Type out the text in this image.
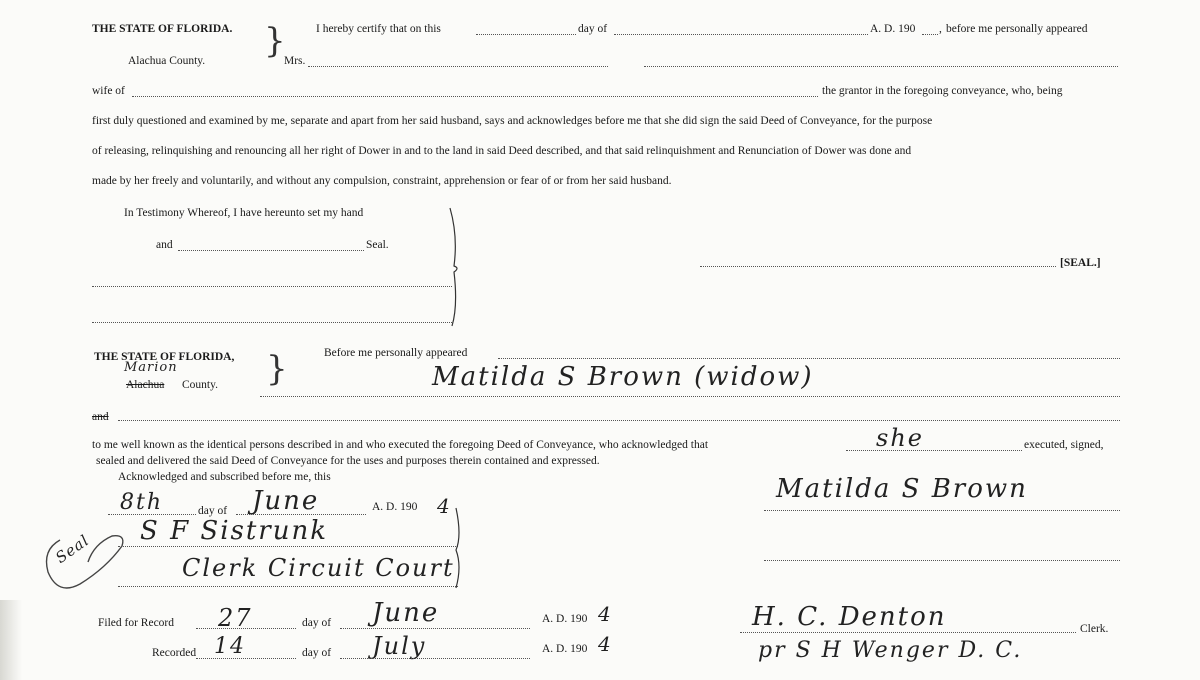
THE STATE OF FLORIDA.
Alachua County. }	I hereby certify that on this	day of	A. D. 190 , before me personally appeared
Mrs.
wife of	the grantor in the foregoing conveyance, who, being
first duly questioned and examined by me, separate and apart from her said husband, says and acknowledges before me that she did sign the said Deed of Conveyance, for the purpose
of releasing, relinquishing and renouncing all her right of Dower in and to the land in said Deed described, and that said relinquishment and Renunciation of Dower was done and
made by her freely and voluntarily, and without any compulsion, constraint, apprehension or fear of or from her said husband.
In Testimony Whereof, I have hereunto set my hand
and	Seal.
[SEAL.]
THE STATE OF FLORIDA,
Marion
Alachua County. }	Before me personally appeared
Matilda S Brown (widow)
and
to me well known as the identical persons described in and who executed the foregoing Deed of Conveyance, who acknowledged that	she	executed, signed,
sealed and delivered the said Deed of Conveyance for the uses and purposes therein contained and expressed.
Acknowledged and subscribed before me, this
8th	day of June	A. D. 190 4
S F Sistrunk
Clerk Circuit Court
Seal
Matilda S Brown
Filed for Record 27	day of June	A. D. 190 4
Recorded 14	day of July	A. D. 190 4
H. C. Denton	Clerk.
pr S H Wenger D. C.
